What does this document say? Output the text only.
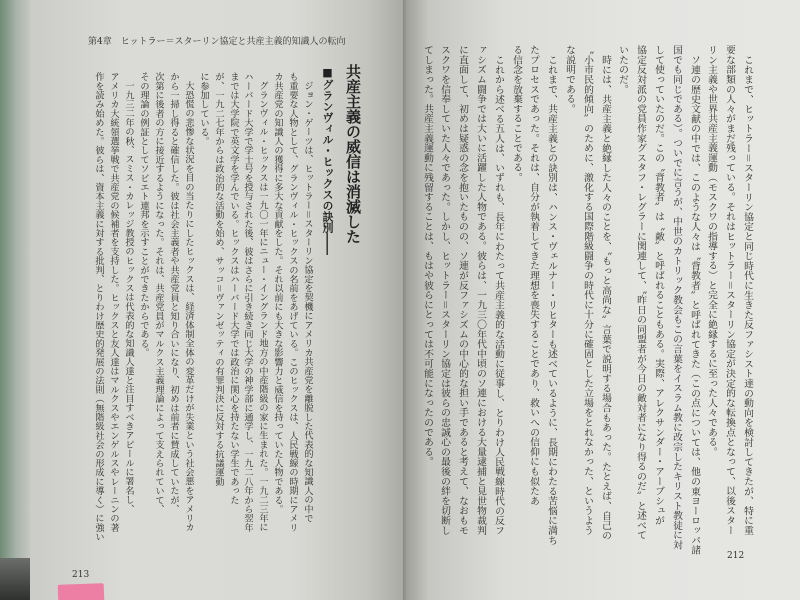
第4章　ヒットラー＝スターリン協定と共産主義的知識人の転向
共産主義の威信は消滅した
■グランヴィル・ヒックスの訣別――
ジョン・ゲーツは、ヒットラー＝スターリン協定を契機にアメリカ共産党を離脱した代表的な知識人の中で
も重要な人物として、グランヴィル・ヒックスの名前をあげている。このヒックスは、人民戦線の時期にアメリ
カ共産党の知識人の獲得に多大な貢献をした。それ以前にも大きな影響力と威信を持っていた人物である。
グランヴィル・ヒックスは一九〇一年にニュー・イングランド地方の中産階級の家に生まれた。一九二三年に
ハーバード大学で学士号を授与された後、彼はさらに引き続き同じ大学の神学部に通学し、一九二八年から翌年
までは大学院で英文学を学んでいる。ヒックスはハーバード大学では政治に関心を持たない学生であった
が、一九二七年からは政治的な活動を始め、サッコ＝ヴァンゼッティの有罪判決に反対する抗議運動
に参加している。
大恐慌の悲惨な状況を目の当たりにしたヒックスは、経済体制全体の変革だけが失業という社会悪をアメリカ
から一掃し得ると確信した。彼は社会主義者や共産党員と知り合いになり、初めは前者に賛成していたが、
次第に後者の方に接近するようになった。それは、共産党員がマルクス主義理論によって支えられていて、
その理論の例証としてソビエト連邦を示すことができたからである。
一九三二年の秋、スミス・カレッジ教授のヒックスは代表的な知識人達と注目すべきアピールに署名し、
アメリカ大統領選挙戦で共産党の候補者を支持した。ヒックスと友人達はマルクスやエンゲルスやレーニンの著
作を読み始めた。彼らは、資本主義に対する批判、とりわけ歴史的発展の法則（無階級社会の形成に導く）に強い
213
これまで、ヒットラー＝スターリン協定と同じ時代に生きた反ファシスト達の動向を検討してきたが、特に重
要な部類の人々がまだ残っている。それはヒットラー＝スターリン協定が決定的な転換点となって、以後スター
リン主義や世界共産主義運動（モスクワの指導する）と完全に絶縁するに至った人々である。
ソ連の歴史文献の中では、このような人々は〝背教者〟と呼ばれてきた（この点については、他の東ヨーロッパ諸
国でも同じである）。ついでに言うが、中世のカトリック教会もこの言葉をイスラム教に改宗したキリスト教徒に対
して使っていたのだ。この〝背教者〟は〝敵〟と呼ばれることもある。実際、アレクサンダー・アーブシュが
協定反対派の党員作家グスタフ・レグラーに関連して、〝昨日の同盟者が今日の敵対者になり得るのだ〟と述べて
いたのだ。
時には、共産主義と絶縁した人々のことを、〝もっと高尚な〟言葉で説明する場合もあった。たとえば、自己の
〝小市民的傾向〟のために、激化する国際階級闘争の時代に十分に確固とした立場をとれなかった、というよう
な説明である。
これまで、共産主義との訣別は、ハンス・ヴェルナー・リヒターも述べているように、長期にわたる苦悩に満ち
たプロセスであった。それは、自分が執着してきた理想を喪失することであり、救いへの信仰にも似たあ
る信念を放棄することである。
これから述べる五人は、いずれも、長年にわたって共産主義的な活動に従事し、とりわけ人民戦線時代の反フ
ァシズム闘争では大いに活躍した人物である。彼らは、一九三〇年代中頃のソ連における大量逮捕と見世物裁判
に直面して、初めは疑惑の念を抱いたものの、ソ連が反ファシズムの中心的な担い手であると考えて、なおもモ
スクワを信奉していた人々であった。しかし、ヒットラー＝スターリン協定は彼らの忠誠心の最後の絆を切断し
てしまった。共産主義運動に残留することは、もはや彼らにとっては不可能になったのである。
212
